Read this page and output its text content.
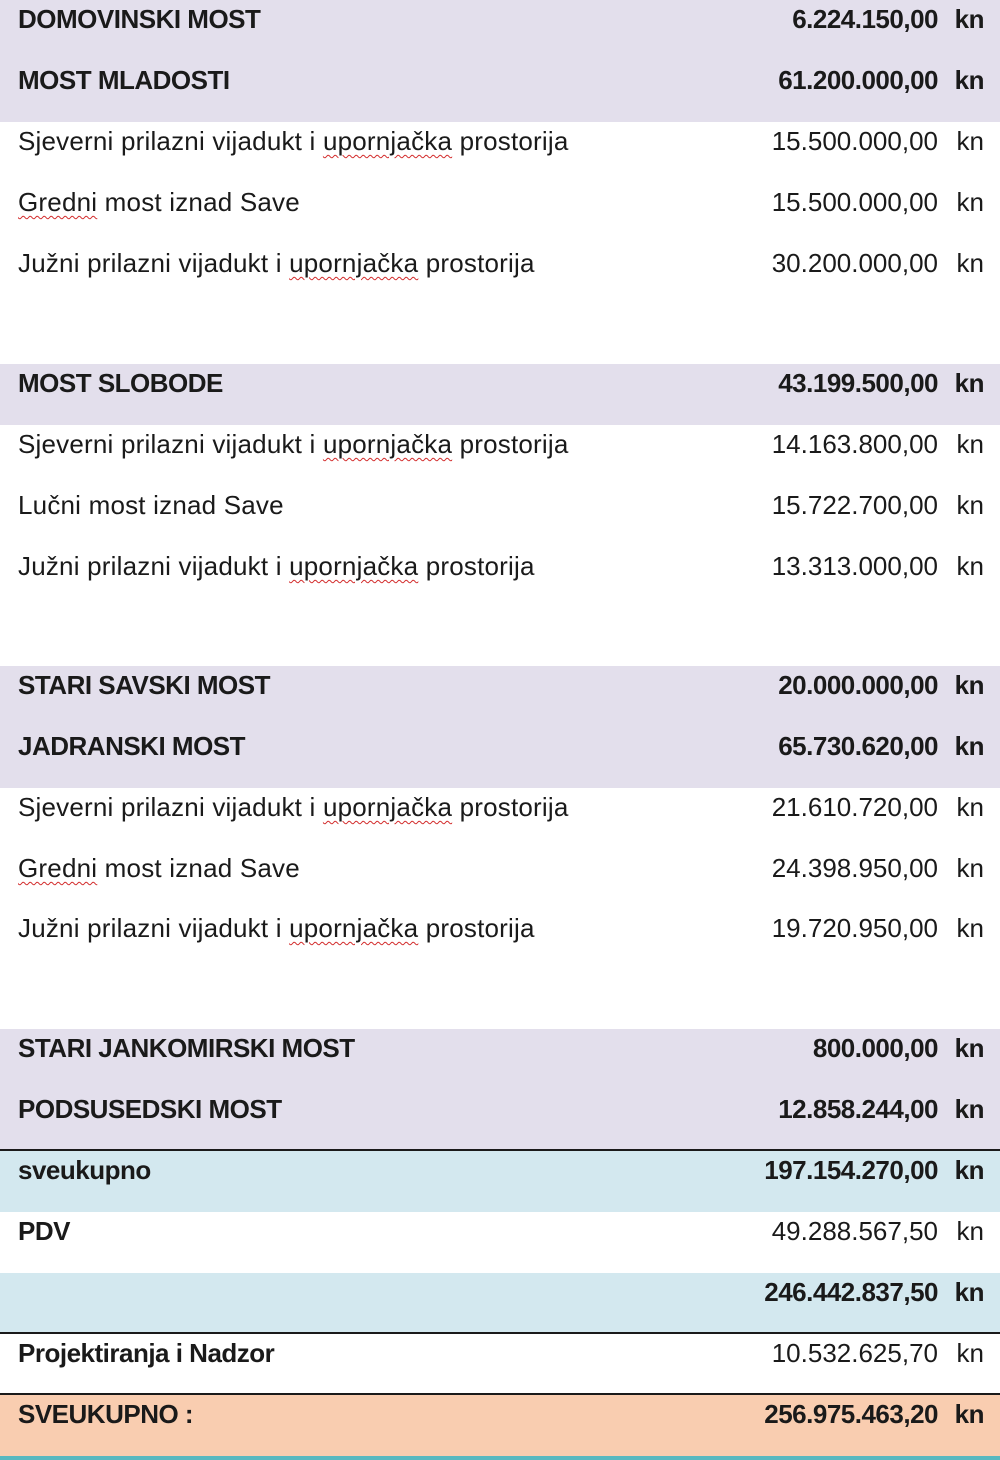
DOMOVINSKI MOST	6.224.150,00 kn
MOST MLADOSTI	61.200.000,00 kn
Sjeverni prilazni vijadukt i upornjačka prostorija	15.500.000,00 kn
Gredni most iznad Save	15.500.000,00 kn
Južni prilazni vijadukt i upornjačka prostorija	30.200.000,00 kn
MOST SLOBODE	43.199.500,00 kn
Sjeverni prilazni vijadukt i upornjačka prostorija	14.163.800,00 kn
Lučni most iznad Save	15.722.700,00 kn
Južni prilazni vijadukt i upornjačka prostorija	13.313.000,00 kn
STARI SAVSKI MOST	20.000.000,00 kn
JADRANSKI MOST	65.730.620,00 kn
Sjeverni prilazni vijadukt i upornjačka prostorija	21.610.720,00 kn
Gredni most iznad Save	24.398.950,00 kn
Južni prilazni vijadukt i upornjačka prostorija	19.720.950,00 kn
STARI JANKOMIRSKI MOST	800.000,00 kn
PODSUSEDSKI MOST	12.858.244,00 kn
sveukupno	197.154.270,00 kn
PDV	49.288.567,50 kn
246.442.837,50 kn
Projektiranja i Nadzor	10.532.625,70 kn
SVEUKUPNO :	256.975.463,20 kn
